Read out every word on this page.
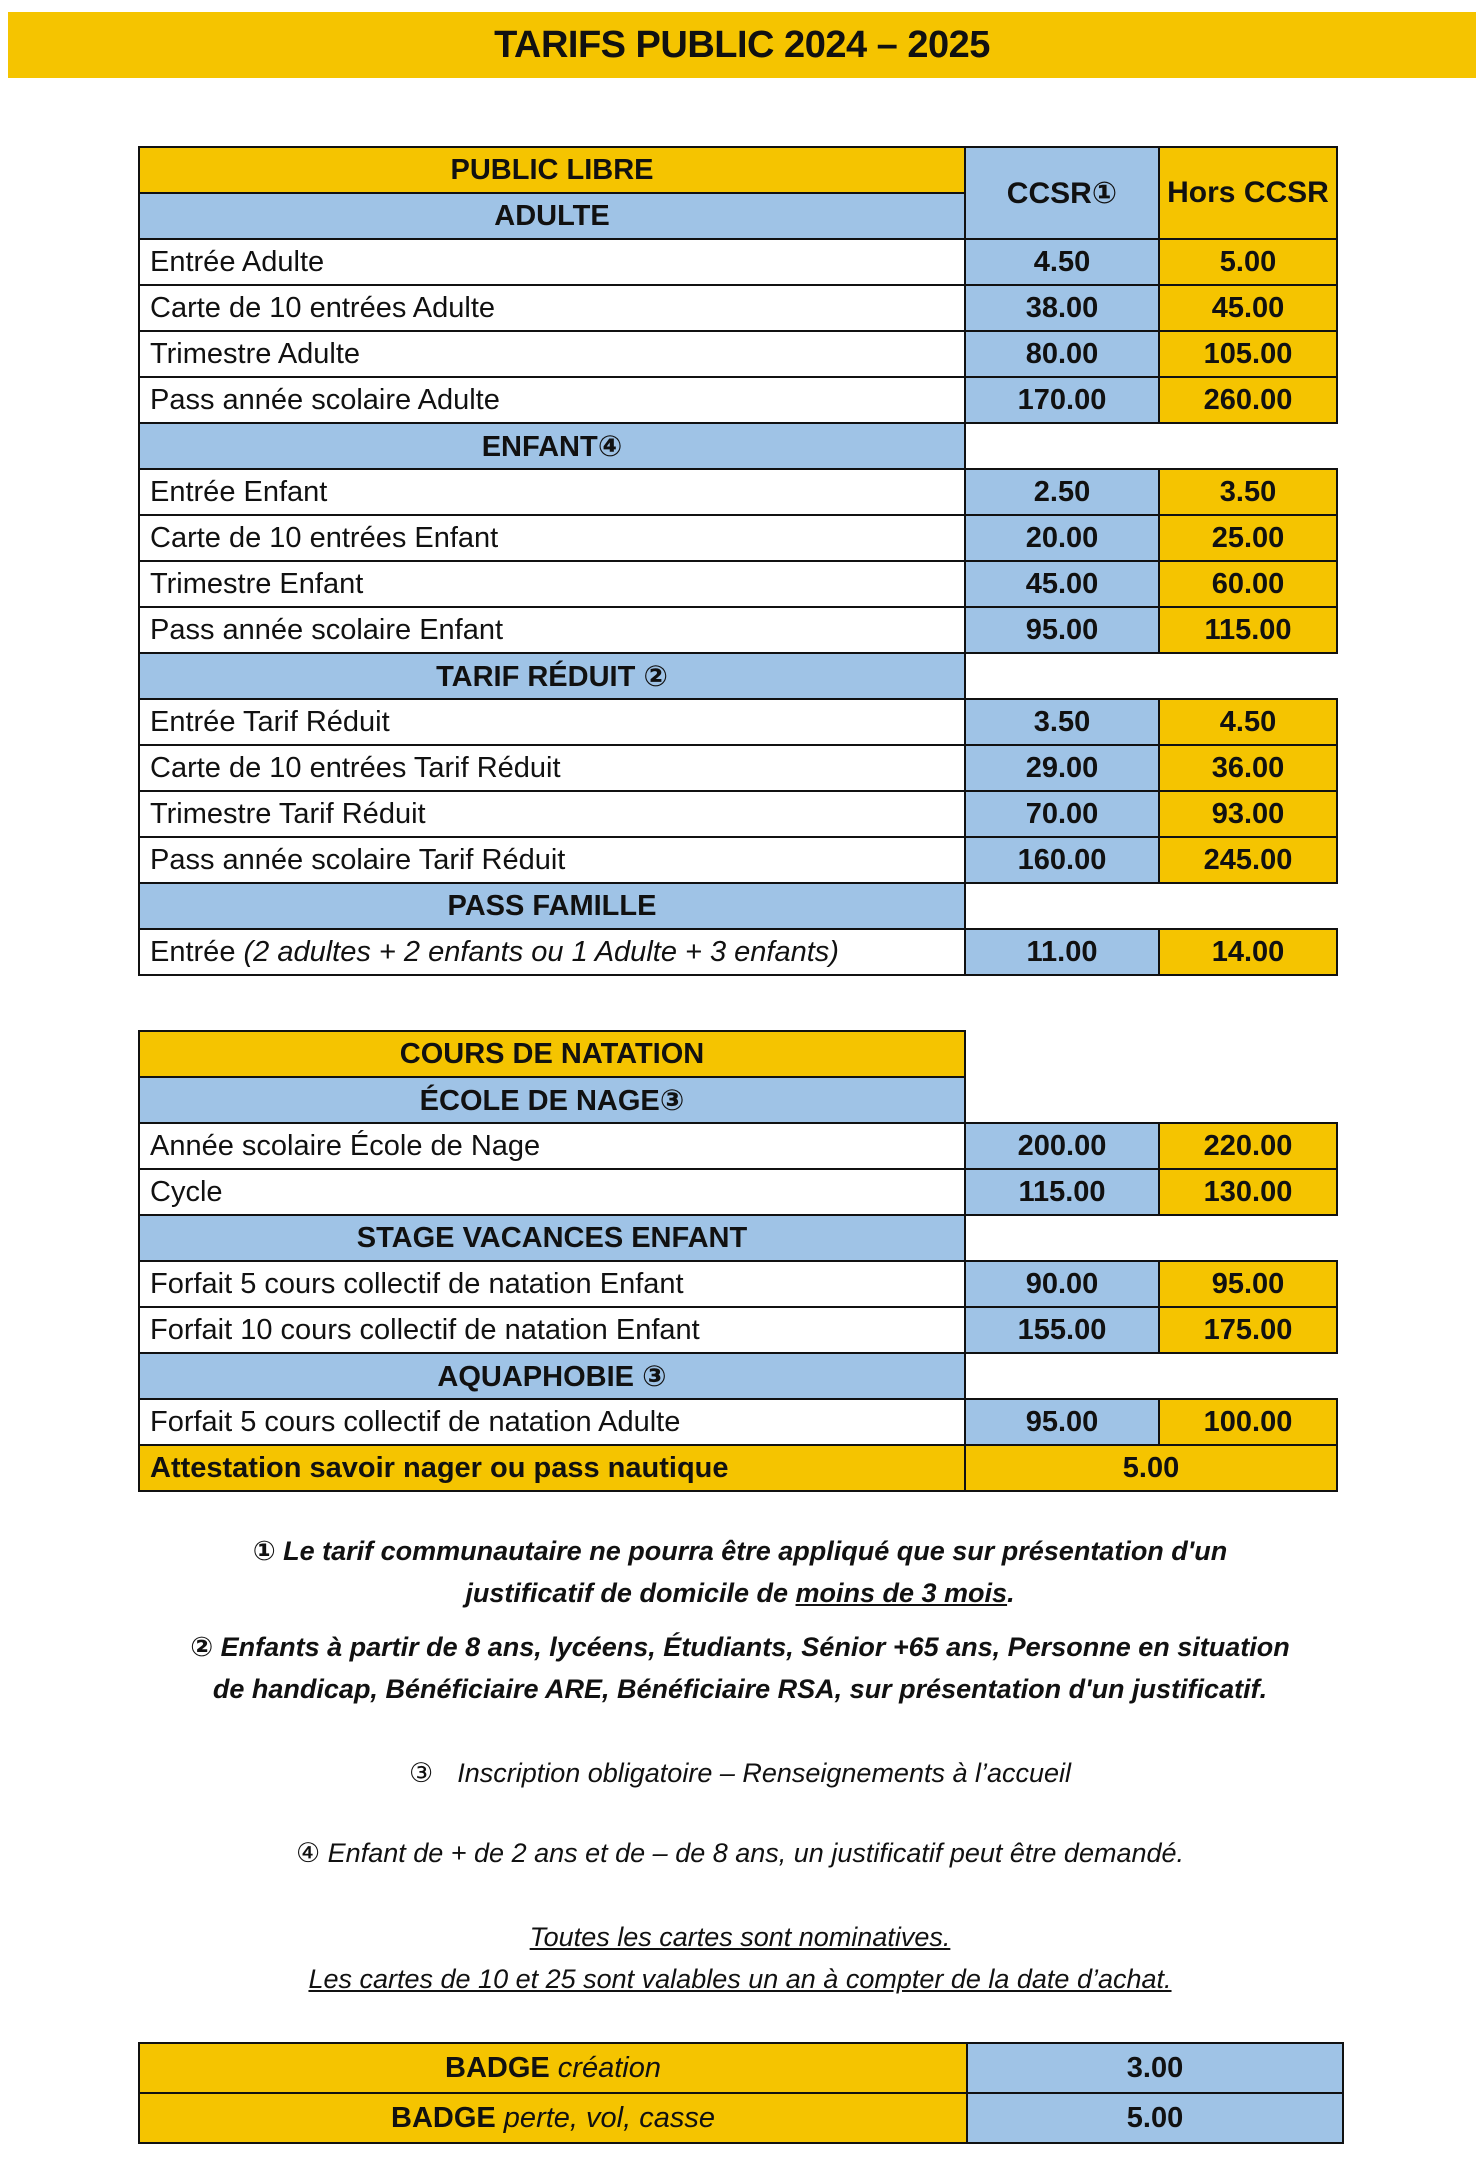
TARIFS PUBLIC 2024 – 2025
PUBLIC LIBRE	CCSR①	Hors CCSR
ADULTE		
Entrée Adulte	4.50	5.00
Carte de 10 entrées Adulte	38.00	45.00
Trimestre Adulte	80.00	105.00
Pass année scolaire Adulte	170.00	260.00
ENFANT④		
Entrée Enfant	2.50	3.50
Carte de 10 entrées Enfant	20.00	25.00
Trimestre Enfant	45.00	60.00
Pass année scolaire Enfant	95.00	115.00
TARIF RÉDUIT ②		
Entrée Tarif Réduit	3.50	4.50
Carte de 10 entrées Tarif Réduit	29.00	36.00
Trimestre Tarif Réduit	70.00	93.00
Pass année scolaire Tarif Réduit	160.00	245.00
PASS FAMILLE		
Entrée (2 adultes + 2 enfants ou 1 Adulte + 3 enfants)	11.00	14.00
COURS DE NATATION		
ÉCOLE DE NAGE③		
Année scolaire École de Nage	200.00	220.00
Cycle	115.00	130.00
STAGE VACANCES ENFANT		
Forfait 5 cours collectif de natation Enfant	90.00	95.00
Forfait 10 cours collectif de natation Enfant	155.00	175.00
AQUAPHOBIE ③		
Forfait 5 cours collectif de natation Adulte	95.00	100.00
Attestation savoir nager ou pass nautique	5.00	

① Le tarif communautaire ne pourra être appliqué que sur présentation d'un

justificatif de domicile de moins de 3 mois.

② Enfants à partir de 8 ans, lycéens, Étudiants, Sénior +65 ans, Personne en situation

de handicap, Bénéficiaire ARE, Bénéficiaire RSA, sur présentation d'un justificatif.

③ Inscription obligatoire – Renseignements à l’accueil

④ Enfant de + de 2 ans et de – de 8 ans, un justificatif peut être demandé.

Toutes les cartes sont nominatives.

Les cartes de 10 et 25 sont valables un an à compter de la date d’achat.

BADGE création	3.00
BADGE perte, vol, casse	5.00
